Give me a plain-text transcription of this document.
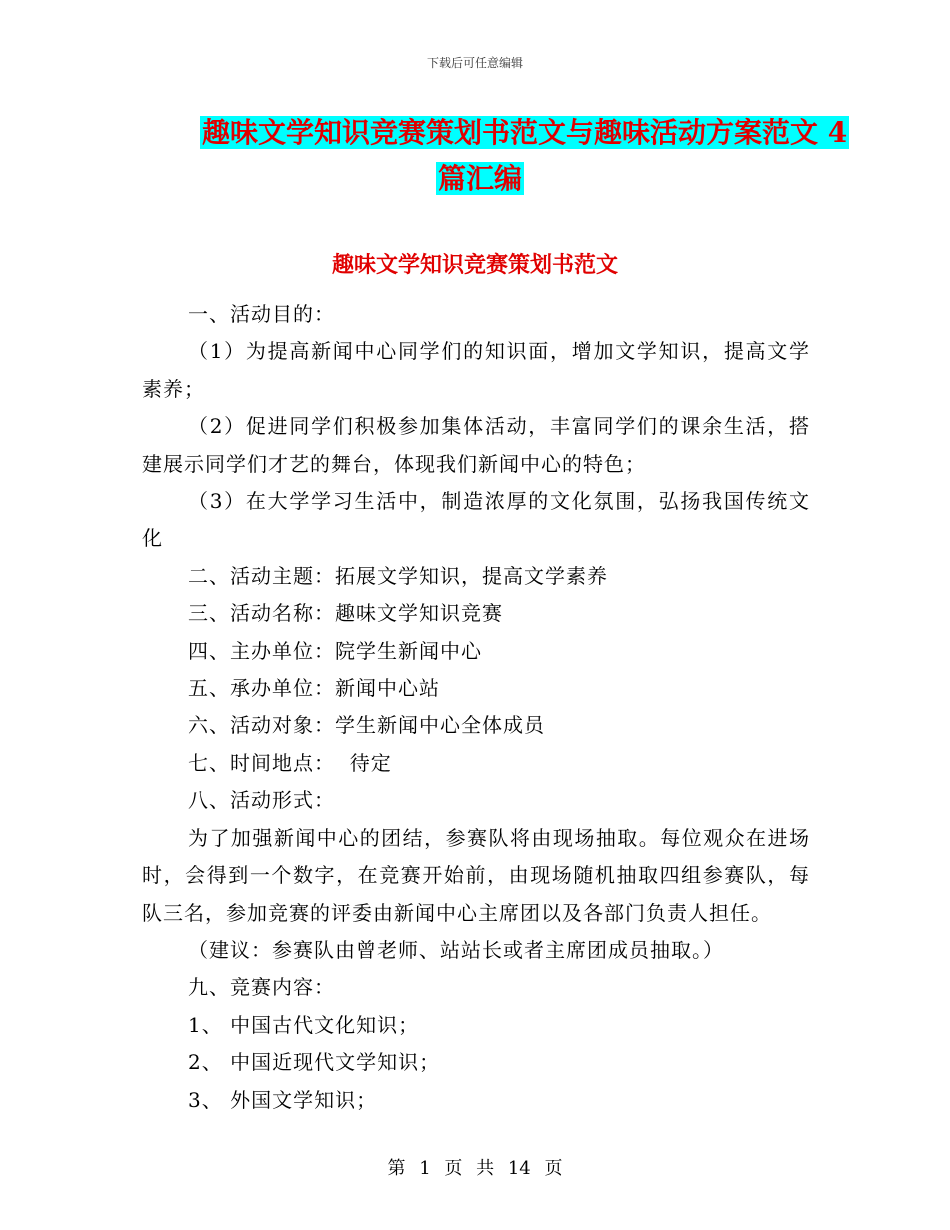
下载后可任意编辑
趣味文学知识竞赛策划书范文与趣味活动方案范文 4
篇汇编
趣味文学知识竞赛策划书范文

一、活动目的：

（1）为提高新闻中心同学们的知识面，增加文学知识，提高文学素养；

（2）促进同学们积极参加集体活动，丰富同学们的课余生活，搭建展示同学们才艺的舞台，体现我们新闻中心的特色；

（3）在大学学习生活中，制造浓厚的文化氛围，弘扬我国传统文化

二、活动主题：拓展文学知识，提高文学素养

三、活动名称：趣味文学知识竞赛

四、主办单位：院学生新闻中心

五、承办单位：新闻中心站

六、活动对象：学生新闻中心全体成员

七、时间地点：  待定

八、活动形式：

为了加强新闻中心的团结，参赛队将由现场抽取。每位观众在进场时，会得到一个数字，在竞赛开始前，由现场随机抽取四组参赛队，每队三名，参加竞赛的评委由新闻中心主席团以及各部门负责人担任。

（建议：参赛队由曾老师、站站长或者主席团成员抽取。）

九、竞赛内容：

1、 中国古代文化知识；

2、 中国近现代文学知识；

3、 外国文学知识；

第 1 页 共 14 页
